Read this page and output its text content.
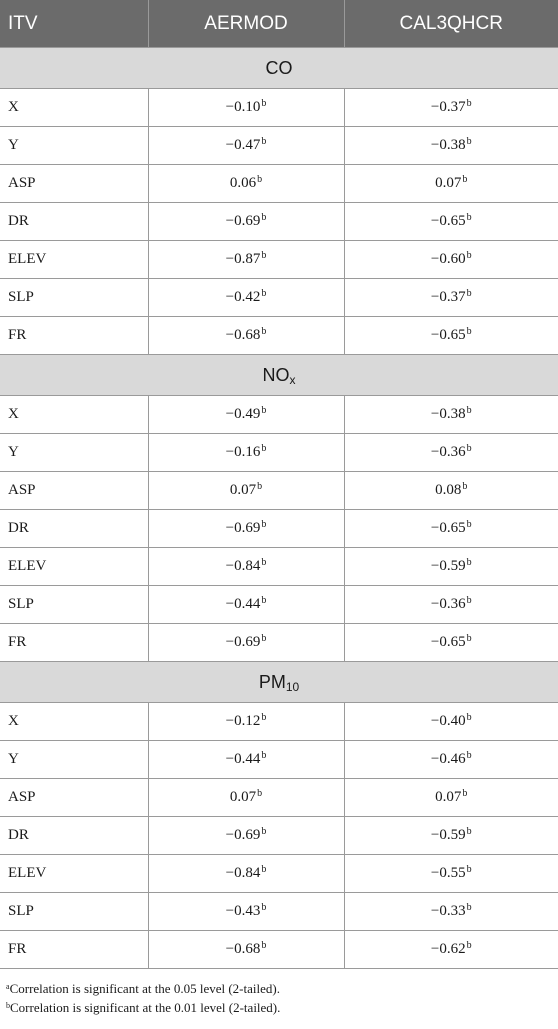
ITV	AERMOD	CAL3QHCR
CO		
X	−0.10$^b$	−0.37$^b$
Y	−0.47$^b$	−0.38$^b$
ASP	0.06$^b$	0.07$^b$
DR	−0.69$^b$	−0.65$^b$
ELEV	−0.87$^b$	−0.60$^b$
SLP	−0.42$^b$	−0.37$^b$
FR	−0.68$^b$	−0.65$^b$
NOx		
X	−0.49$^b$	−0.38$^b$
Y	−0.16$^b$	−0.36$^b$
ASP	0.07$^b$	0.08$^b$
DR	−0.69$^b$	−0.65$^b$
ELEV	−0.84$^b$	−0.59$^b$
SLP	−0.44$^b$	−0.36$^b$
FR	−0.69$^b$	−0.65$^b$
PM10		
X	−0.12$^b$	−0.40$^b$
Y	−0.44$^b$	−0.46$^b$
ASP	0.07$^b$	0.07$^b$
DR	−0.69$^b$	−0.59$^b$
ELEV	−0.84$^b$	−0.55$^b$
SLP	−0.43$^b$	−0.33$^b$
FR	−0.68$^b$	−0.62$^b$
$^a$Correlation is significant at the 0.05 level (2-tailed).
$^b$Correlation is significant at the 0.01 level (2-tailed).
